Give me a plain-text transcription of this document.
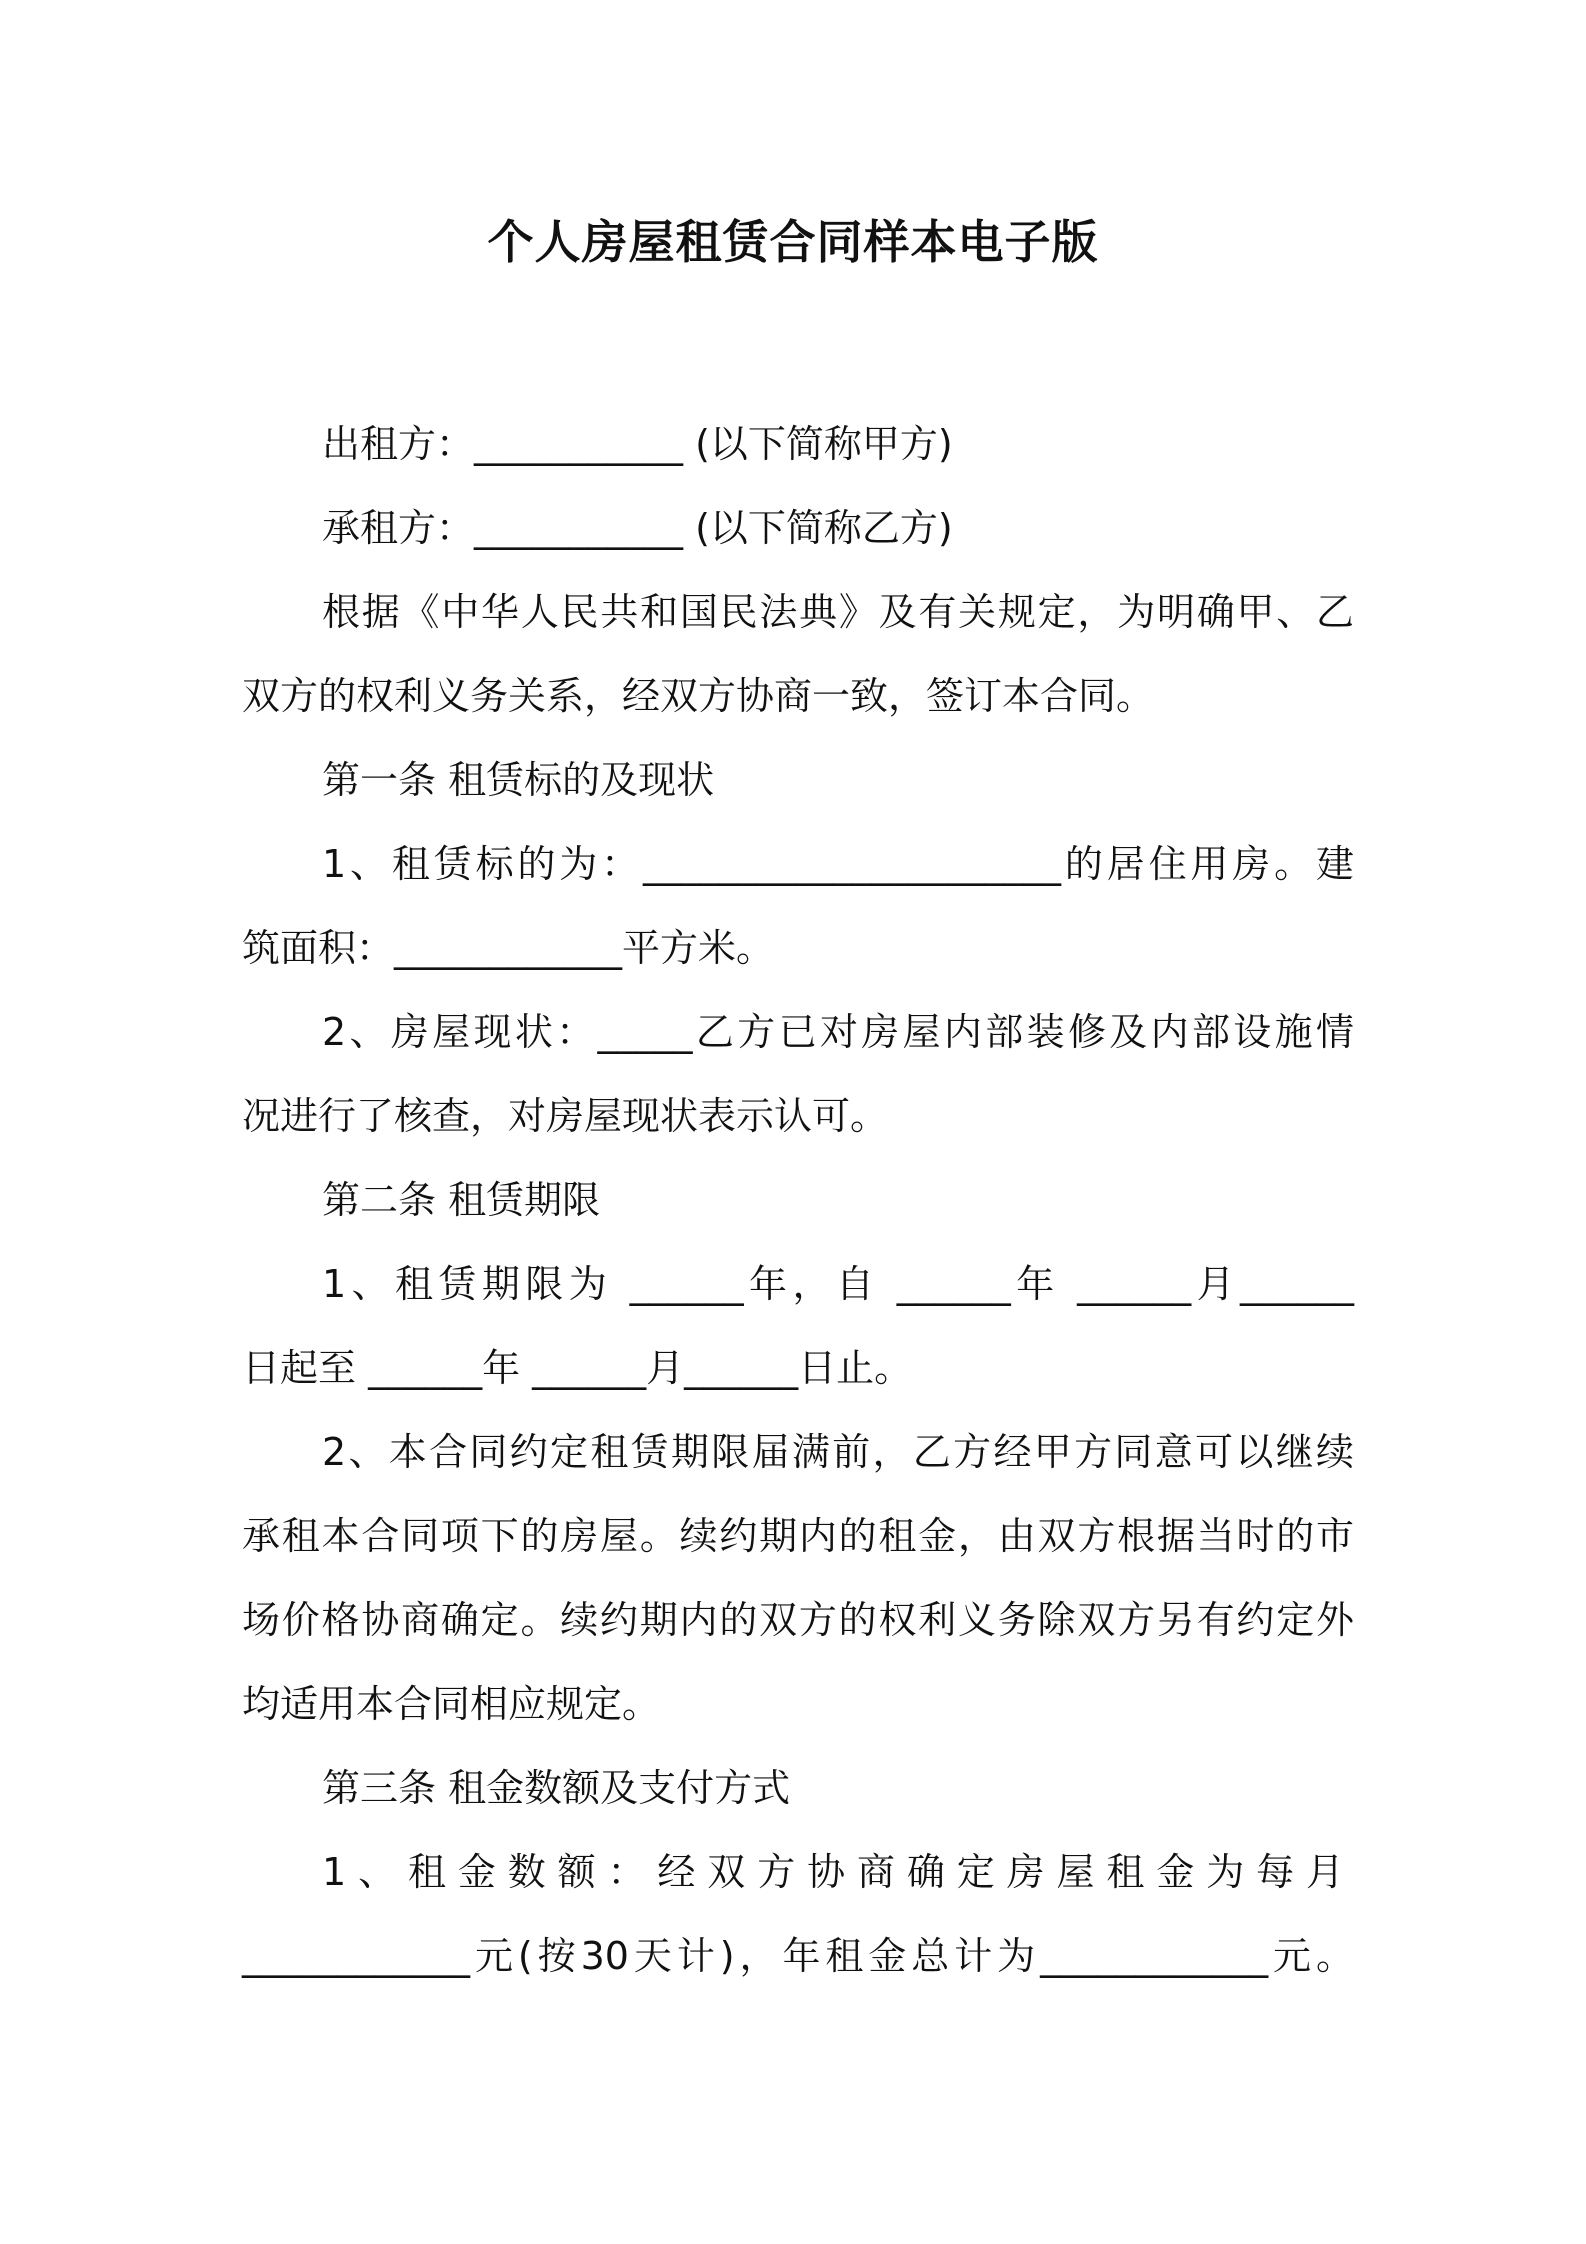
个人房屋租赁合同样本电子版

出租方：___________ (以下简称甲方)

承租方：___________ (以下简称乙方)

根据《中华人民共和国民法典》及有关规定，为明确甲、乙

双方的权利义务关系，经双方协商一致，签订本合同。

第一条 租赁标的及现状

1、租赁标的为：______________________的居住用房。建

筑面积：____________平方米。

2、房屋现状：_____乙方已对房屋内部装修及内部设施情

况进行了核查，对房屋现状表示认可。

第二条 租赁期限

1、租赁期限为 ______年，自 ______年 ______月______

日起至 ______年 ______月______日止。

2、本合同约定租赁期限届满前，乙方经甲方同意可以继续

承租本合同项下的房屋。续约期内的租金，由双方根据当时的市

场价格协商确定。续约期内的双方的权利义务除双方另有约定外

均适用本合同相应规定。

第三条 租金数额及支付方式

1、租金数额：经双方协商确定房屋租金为每月

____________元(按30天计)，年租金总计为____________元。
